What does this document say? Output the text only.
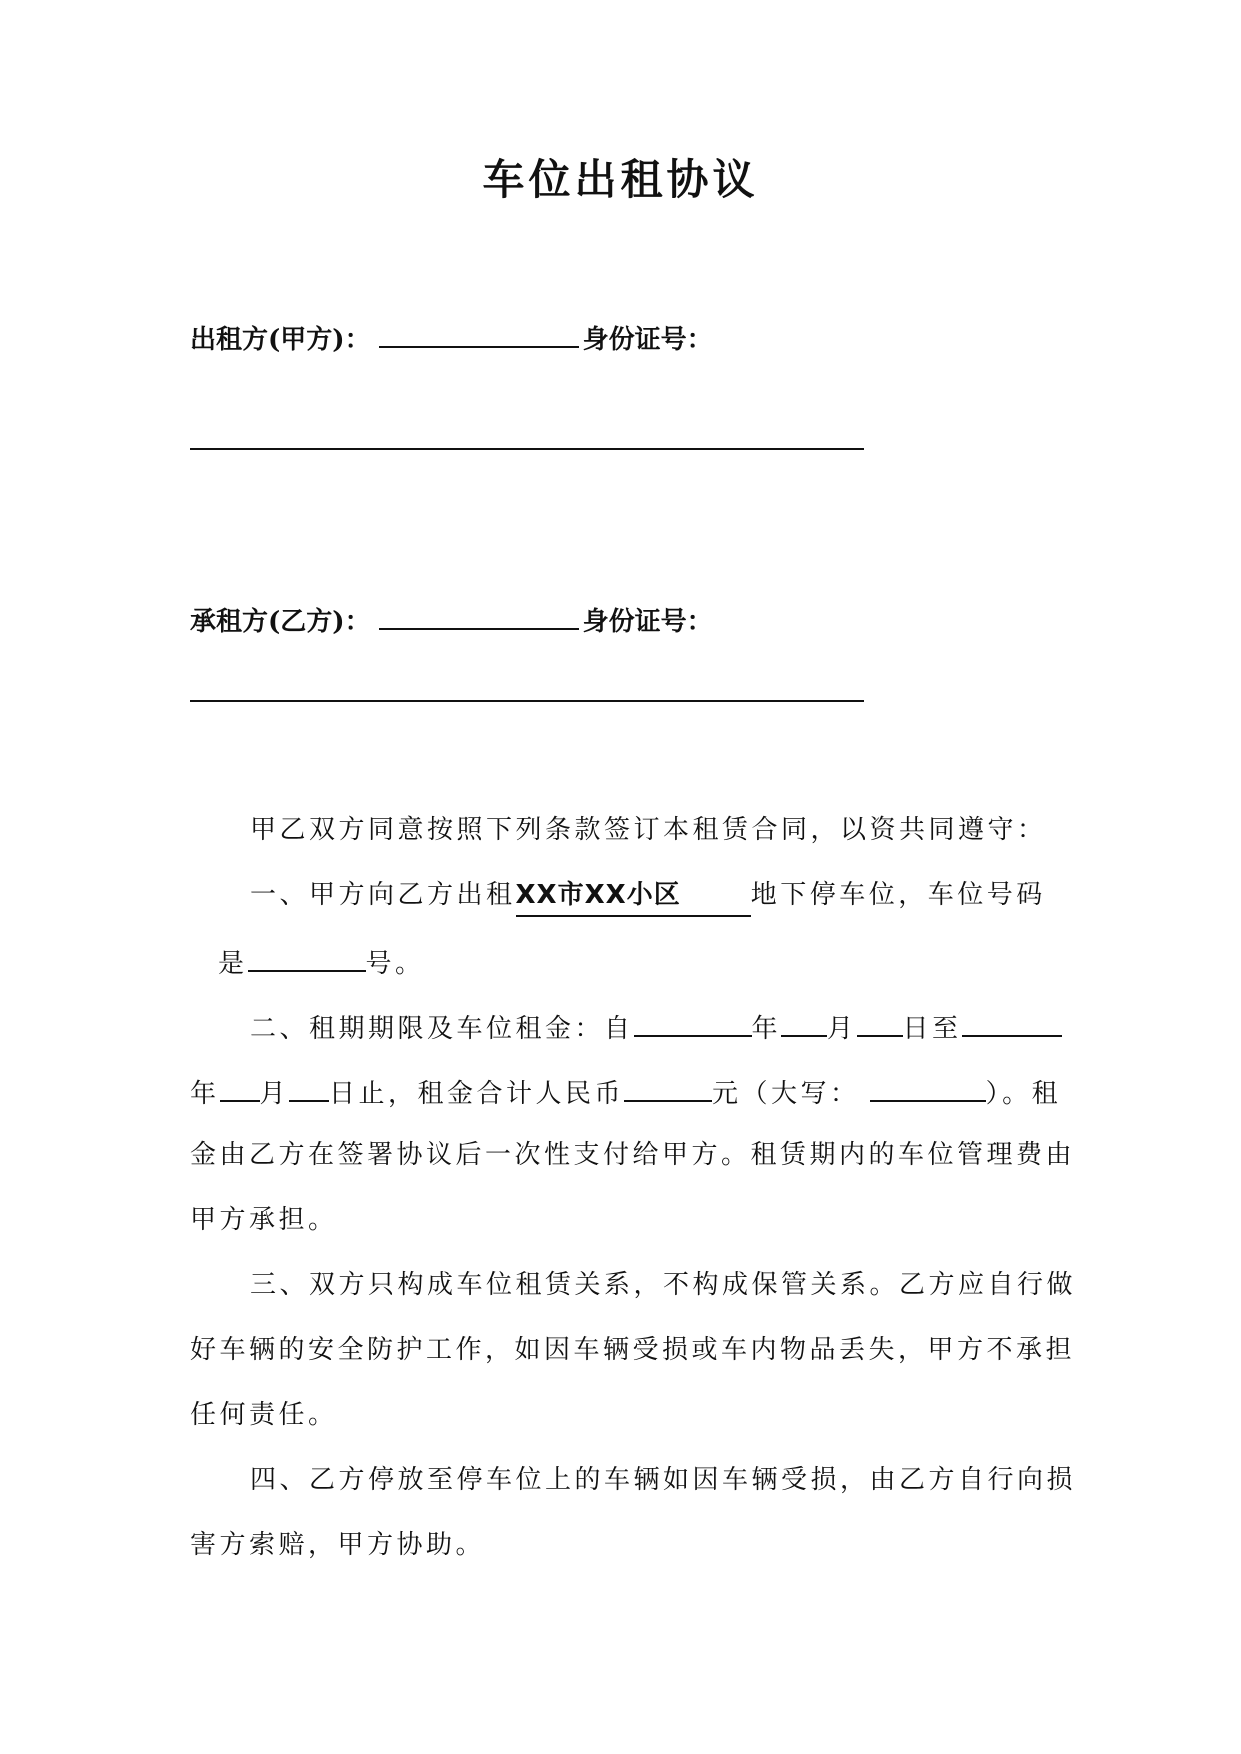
车位出租协议
出租方(甲方)：	身份证号：
承租方(乙方)：	身份证号：
甲乙双方同意按照下列条款签订本租赁合同，以资共同遵守：
一、甲方向乙方出租XX市XX小区	地下停车位，车位号码
是	号。
二、租期期限及车位租金：自	年 月 日至
年 月 日止，租金合计人民币	元（大写：	）。租
金由乙方在签署协议后一次性支付给甲方。租赁期内的车位管理费由
甲方承担。
三、双方只构成车位租赁关系，不构成保管关系。乙方应自行做
好车辆的安全防护工作，如因车辆受损或车内物品丢失，甲方不承担
任何责任。
四、乙方停放至停车位上的车辆如因车辆受损，由乙方自行向损
害方索赔，甲方协助。
